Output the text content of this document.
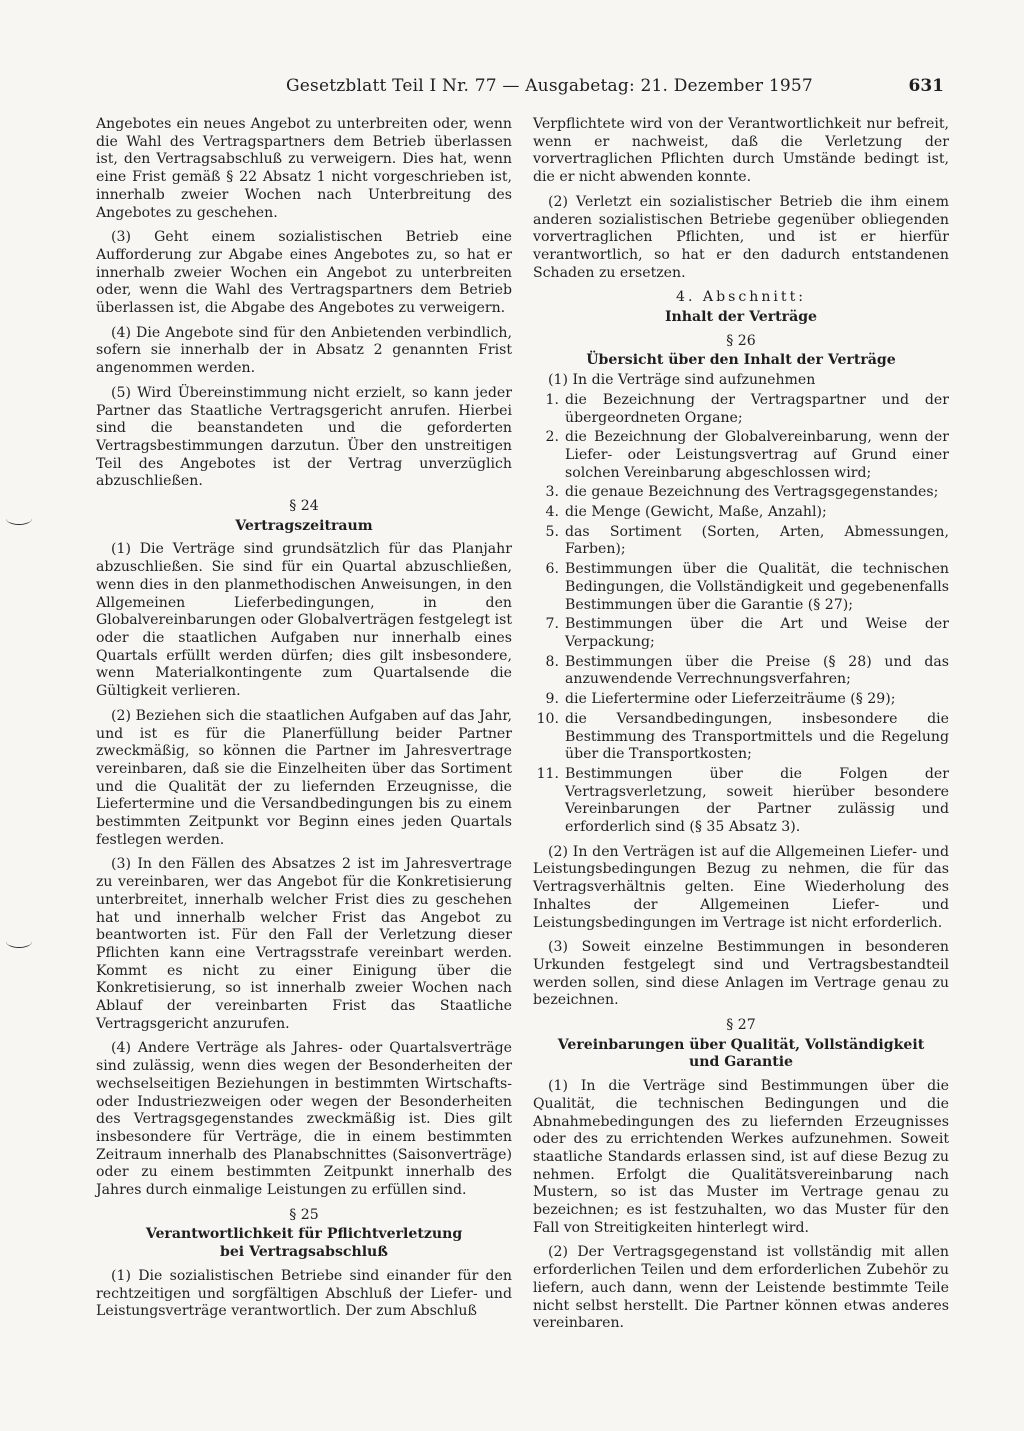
Gesetzblatt Teil I Nr. 77 — Ausgabetag: 21. Dezember 1957	631

Angebotes ein neues Angebot zu unterbreiten oder, wenn die Wahl des Vertragspartners dem Betrieb überlassen ist, den Vertragsabschluß zu verweigern. Dies hat, wenn eine Frist gemäß § 22 Absatz 1 nicht vorgeschrieben ist, innerhalb zweier Wochen nach Unterbreitung des Angebotes zu geschehen.

(3) Geht einem sozialistischen Betrieb eine Aufforderung zur Abgabe eines Angebotes zu, so hat er innerhalb zweier Wochen ein Angebot zu unterbreiten oder, wenn die Wahl des Vertragspartners dem Betrieb überlassen ist, die Abgabe des Angebotes zu verweigern.

(4) Die Angebote sind für den Anbietenden verbindlich, sofern sie innerhalb der in Absatz 2 genannten Frist angenommen werden.

(5) Wird Übereinstimmung nicht erzielt, so kann jeder Partner das Staatliche Vertragsgericht anrufen. Hierbei sind die beanstandeten und die geforderten Vertragsbestimmungen darzutun. Über den unstreitigen Teil des Angebotes ist der Vertrag unverzüglich abzuschließen.

§ 24
Vertragszeitraum

(1) Die Verträge sind grundsätzlich für das Planjahr abzuschließen. Sie sind für ein Quartal abzuschließen, wenn dies in den planmethodischen Anweisungen, in den Allgemeinen Lieferbedingungen, in den Globalvereinbarungen oder Globalverträgen festgelegt ist oder die staatlichen Aufgaben nur innerhalb eines Quartals erfüllt werden dürfen; dies gilt insbesondere, wenn Materialkontingente zum Quartalsende die Gültigkeit verlieren.

(2) Beziehen sich die staatlichen Aufgaben auf das Jahr, und ist es für die Planerfüllung beider Partner zweckmäßig, so können die Partner im Jahresvertrage vereinbaren, daß sie die Einzelheiten über das Sortiment und die Qualität der zu liefernden Erzeugnisse, die Liefertermine und die Versandbedingungen bis zu einem bestimmten Zeitpunkt vor Beginn eines jeden Quartals festlegen werden.

(3) In den Fällen des Absatzes 2 ist im Jahresvertrage zu vereinbaren, wer das Angebot für die Konkretisierung unterbreitet, innerhalb welcher Frist dies zu geschehen hat und innerhalb welcher Frist das Angebot zu beantworten ist. Für den Fall der Verletzung dieser Pflichten kann eine Vertragsstrafe vereinbart werden. Kommt es nicht zu einer Einigung über die Konkretisierung, so ist innerhalb zweier Wochen nach Ablauf der vereinbarten Frist das Staatliche Vertragsgericht anzurufen.

(4) Andere Verträge als Jahres- oder Quartalsverträge sind zulässig, wenn dies wegen der Besonderheiten der wechselseitigen Beziehungen in bestimmten Wirtschafts- oder Industriezweigen oder wegen der Besonderheiten des Vertragsgegenstandes zweckmäßig ist. Dies gilt insbesondere für Verträge, die in einem bestimmten Zeitraum innerhalb des Planabschnittes (Saisonverträge) oder zu einem bestimmten Zeitpunkt innerhalb des Jahres durch einmalige Leistungen zu erfüllen sind.

§ 25
Verantwortlichkeit für Pflichtverletzung
bei Vertragsabschluß

(1) Die sozialistischen Betriebe sind einander für den rechtzeitigen und sorgfältigen Abschluß der Liefer- und Leistungsverträge verantwortlich. Der zum Abschluß

Verpflichtete wird von der Verantwortlichkeit nur befreit, wenn er nachweist, daß die Verletzung der vorvertraglichen Pflichten durch Umstände bedingt ist, die er nicht abwenden konnte.

(2) Verletzt ein sozialistischer Betrieb die ihm einem anderen sozialistischen Betriebe gegenüber obliegenden vorvertraglichen Pflichten, und ist er hierfür verantwortlich, so hat er den dadurch entstandenen Schaden zu ersetzen.

4. Abschnitt:
Inhalt der Verträge
§ 26
Übersicht über den Inhalt der Verträge

(1) In die Verträge sind aufzunehmen

1. die Bezeichnung der Vertragspartner und der übergeordneten Organe;
2. die Bezeichnung der Globalvereinbarung, wenn der Liefer- oder Leistungsvertrag auf Grund einer solchen Vereinbarung abgeschlossen wird;
3. die genaue Bezeichnung des Vertragsgegenstandes;
4. die Menge (Gewicht, Maße, Anzahl);
5. das Sortiment (Sorten, Arten, Abmessungen, Farben);
6. Bestimmungen über die Qualität, die technischen Bedingungen, die Vollständigkeit und gegebenenfalls Bestimmungen über die Garantie (§ 27);
7. Bestimmungen über die Art und Weise der Verpackung;
8. Bestimmungen über die Preise (§ 28) und das anzuwendende Verrechnungsverfahren;
9. die Liefertermine oder Lieferzeiträume (§ 29);
10. die Versandbedingungen, insbesondere die Bestimmung des Transportmittels und die Regelung über die Transportkosten;
11. Bestimmungen über die Folgen der Vertragsverletzung, soweit hierüber besondere Vereinbarungen der Partner zulässig und erforderlich sind (§ 35 Absatz 3).

(2) In den Verträgen ist auf die Allgemeinen Liefer- und Leistungsbedingungen Bezug zu nehmen, die für das Vertragsverhältnis gelten. Eine Wiederholung des Inhaltes der Allgemeinen Liefer- und Leistungsbedingungen im Vertrage ist nicht erforderlich.

(3) Soweit einzelne Bestimmungen in besonderen Urkunden festgelegt sind und Vertragsbestandteil werden sollen, sind diese Anlagen im Vertrage genau zu bezeichnen.

§ 27
Vereinbarungen über Qualität, Vollständigkeit
und Garantie

(1) In die Verträge sind Bestimmungen über die Qualität, die technischen Bedingungen und die Abnahmebedingungen des zu liefernden Erzeugnisses oder des zu errichtenden Werkes aufzunehmen. Soweit staatliche Standards erlassen sind, ist auf diese Bezug zu nehmen. Erfolgt die Qualitätsvereinbarung nach Mustern, so ist das Muster im Vertrage genau zu bezeichnen; es ist festzuhalten, wo das Muster für den Fall von Streitigkeiten hinterlegt wird.

(2) Der Vertragsgegenstand ist vollständig mit allen erforderlichen Teilen und dem erforderlichen Zubehör zu liefern, auch dann, wenn der Leistende bestimmte Teile nicht selbst herstellt. Die Partner können etwas anderes vereinbaren.
